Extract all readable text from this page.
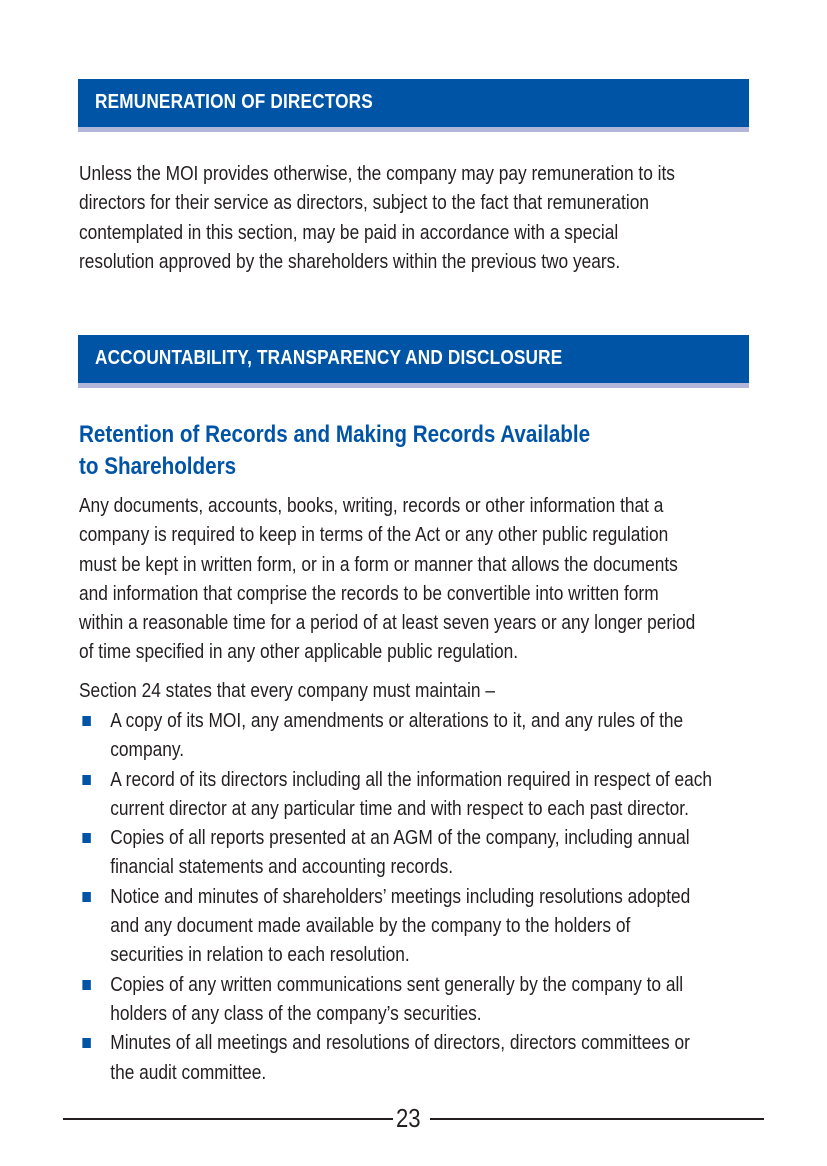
REMUNERATION OF DIRECTORS
Unless the MOI provides otherwise, the company may pay remuneration to its
directors for their service as directors, subject to the fact that remuneration
contemplated in this section, may be paid in accordance with a special
resolution approved by the shareholders within the previous two years.
ACCOUNTABILITY, TRANSPARENCY AND DISCLOSURE
Retention of Records and Making Records Available
to Shareholders
Any documents, accounts, books, writing, records or other information that a
company is required to keep in terms of the Act or any other public regulation
must be kept in written form, or in a form or manner that allows the documents
and information that comprise the records to be convertible into written form
within a reasonable time for a period of at least seven years or any longer period
of time specified in any other applicable public regulation.
Section 24 states that every company must maintain –
A copy of its MOI, any amendments or alterations to it, and any rules of the
company.
A record of its directors including all the information required in respect of each
current director at any particular time and with respect to each past director.
Copies of all reports presented at an AGM of the company, including annual
financial statements and accounting records.
Notice and minutes of shareholders’ meetings including resolutions adopted
and any document made available by the company to the holders of
securities in relation to each resolution.
Copies of any written communications sent generally by the company to all
holders of any class of the company’s securities.
Minutes of all meetings and resolutions of directors, directors committees or
the audit committee.
23
